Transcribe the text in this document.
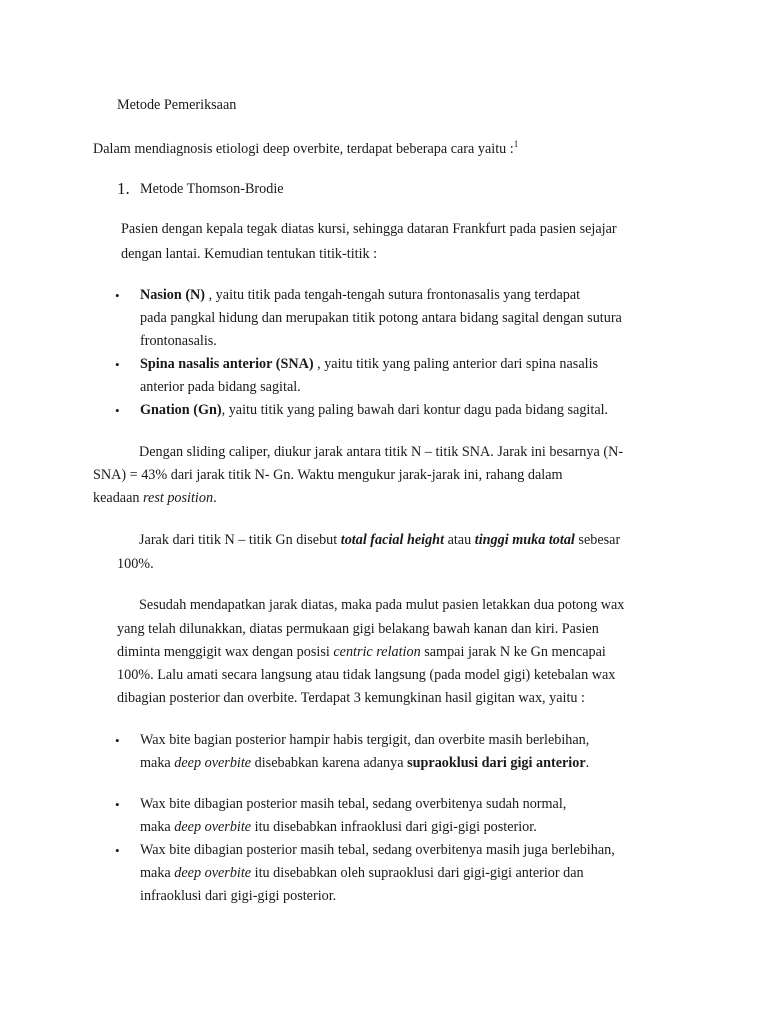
Metode Pemeriksaan
Dalam mendiagnosis etiologi deep overbite, terdapat beberapa cara yaitu :$^1$
1. Metode Thomson-Brodie
Pasien dengan kepala tegak diatas kursi, sehingga dataran Frankfurt pada pasien sejajar
dengan lantai. Kemudian tentukan titik-titik :
• Nasion (N) , yaitu titik pada tengah-tengah sutura frontonasalis yang terdapat
pada pangkal hidung dan merupakan titik potong antara bidang sagital dengan sutura
frontonasalis.
• Spina nasalis anterior (SNA) , yaitu titik yang paling anterior dari spina nasalis
anterior pada bidang sagital.
• Gnation (Gn), yaitu titik yang paling bawah dari kontur dagu pada bidang sagital.
Dengan sliding caliper, diukur jarak antara titik N – titik SNA. Jarak ini besarnya (N-
SNA) = 43% dari jarak titik N- Gn. Waktu mengukur jarak-jarak ini, rahang dalam
keadaan rest position.
Jarak dari titik N – titik Gn disebut total facial height atau tinggi muka total sebesar
100%.
Sesudah mendapatkan jarak diatas, maka pada mulut pasien letakkan dua potong wax
yang telah dilunakkan, diatas permukaan gigi belakang bawah kanan dan kiri. Pasien
diminta menggigit wax dengan posisi centric relation sampai jarak N ke Gn mencapai
100%. Lalu amati secara langsung atau tidak langsung (pada model gigi) ketebalan wax
dibagian posterior dan overbite. Terdapat 3 kemungkinan hasil gigitan wax, yaitu :
• Wax bite bagian posterior hampir habis tergigit, dan overbite masih berlebihan,
maka deep overbite disebabkan karena adanya supraoklusi dari gigi anterior.
• Wax bite dibagian posterior masih tebal, sedang overbitenya sudah normal,
maka deep overbite itu disebabkan infraoklusi dari gigi-gigi posterior.
• Wax bite dibagian posterior masih tebal, sedang overbitenya masih juga berlebihan,
maka deep overbite itu disebabkan oleh supraoklusi dari gigi-gigi anterior dan
infraoklusi dari gigi-gigi posterior.
